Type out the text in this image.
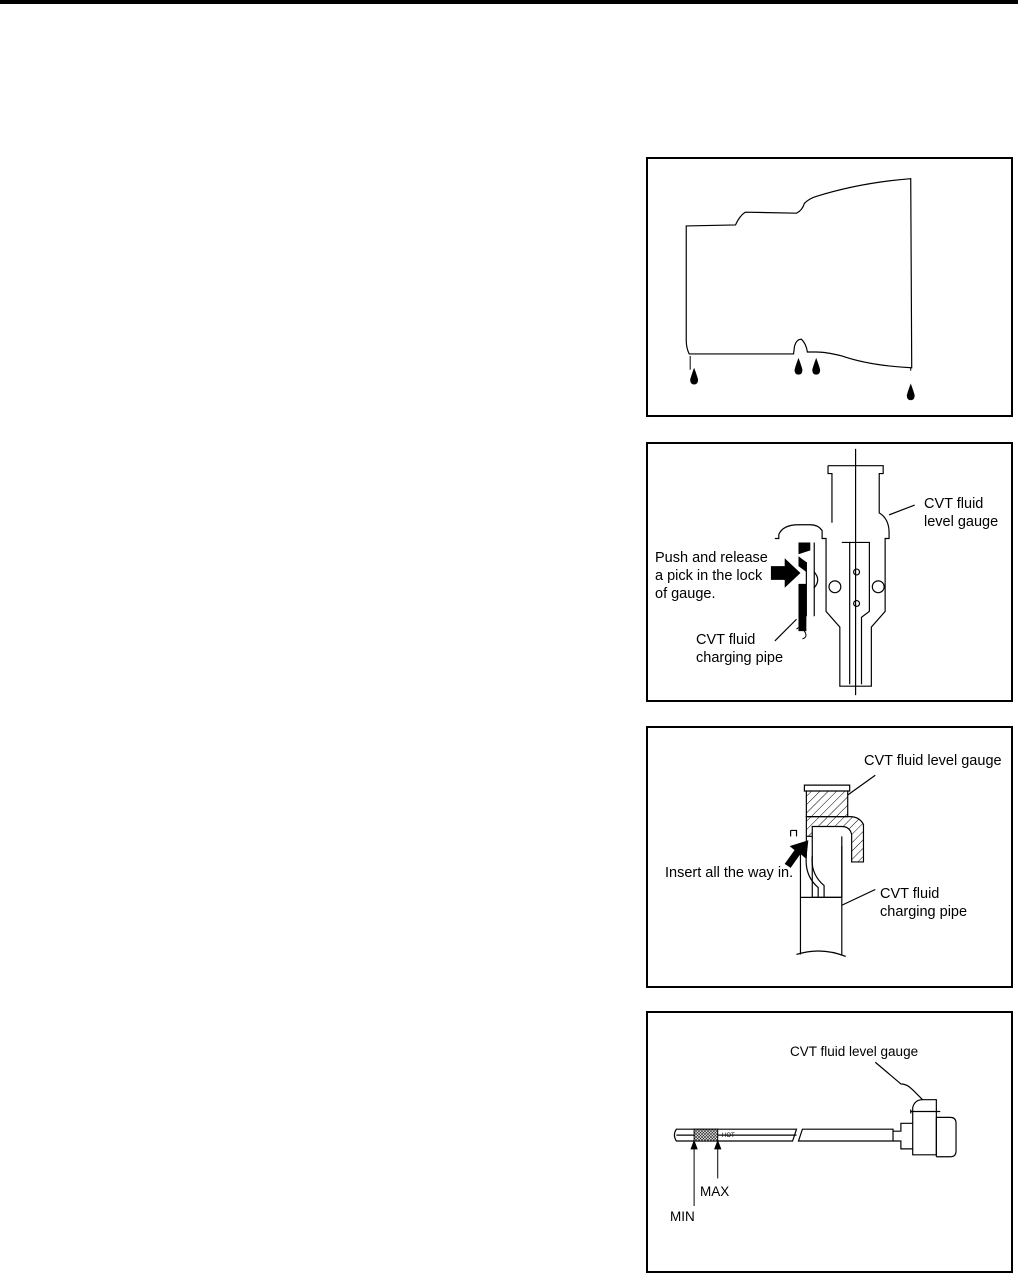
CVT fluid
level gauge
Push and release
a pick in the lock
of gauge.
CVT fluid
charging pipe
CVT fluid level gauge
Insert all the way in.
CVT fluid
charging pipe
HOT
CVT fluid level gauge
MAX
MIN
